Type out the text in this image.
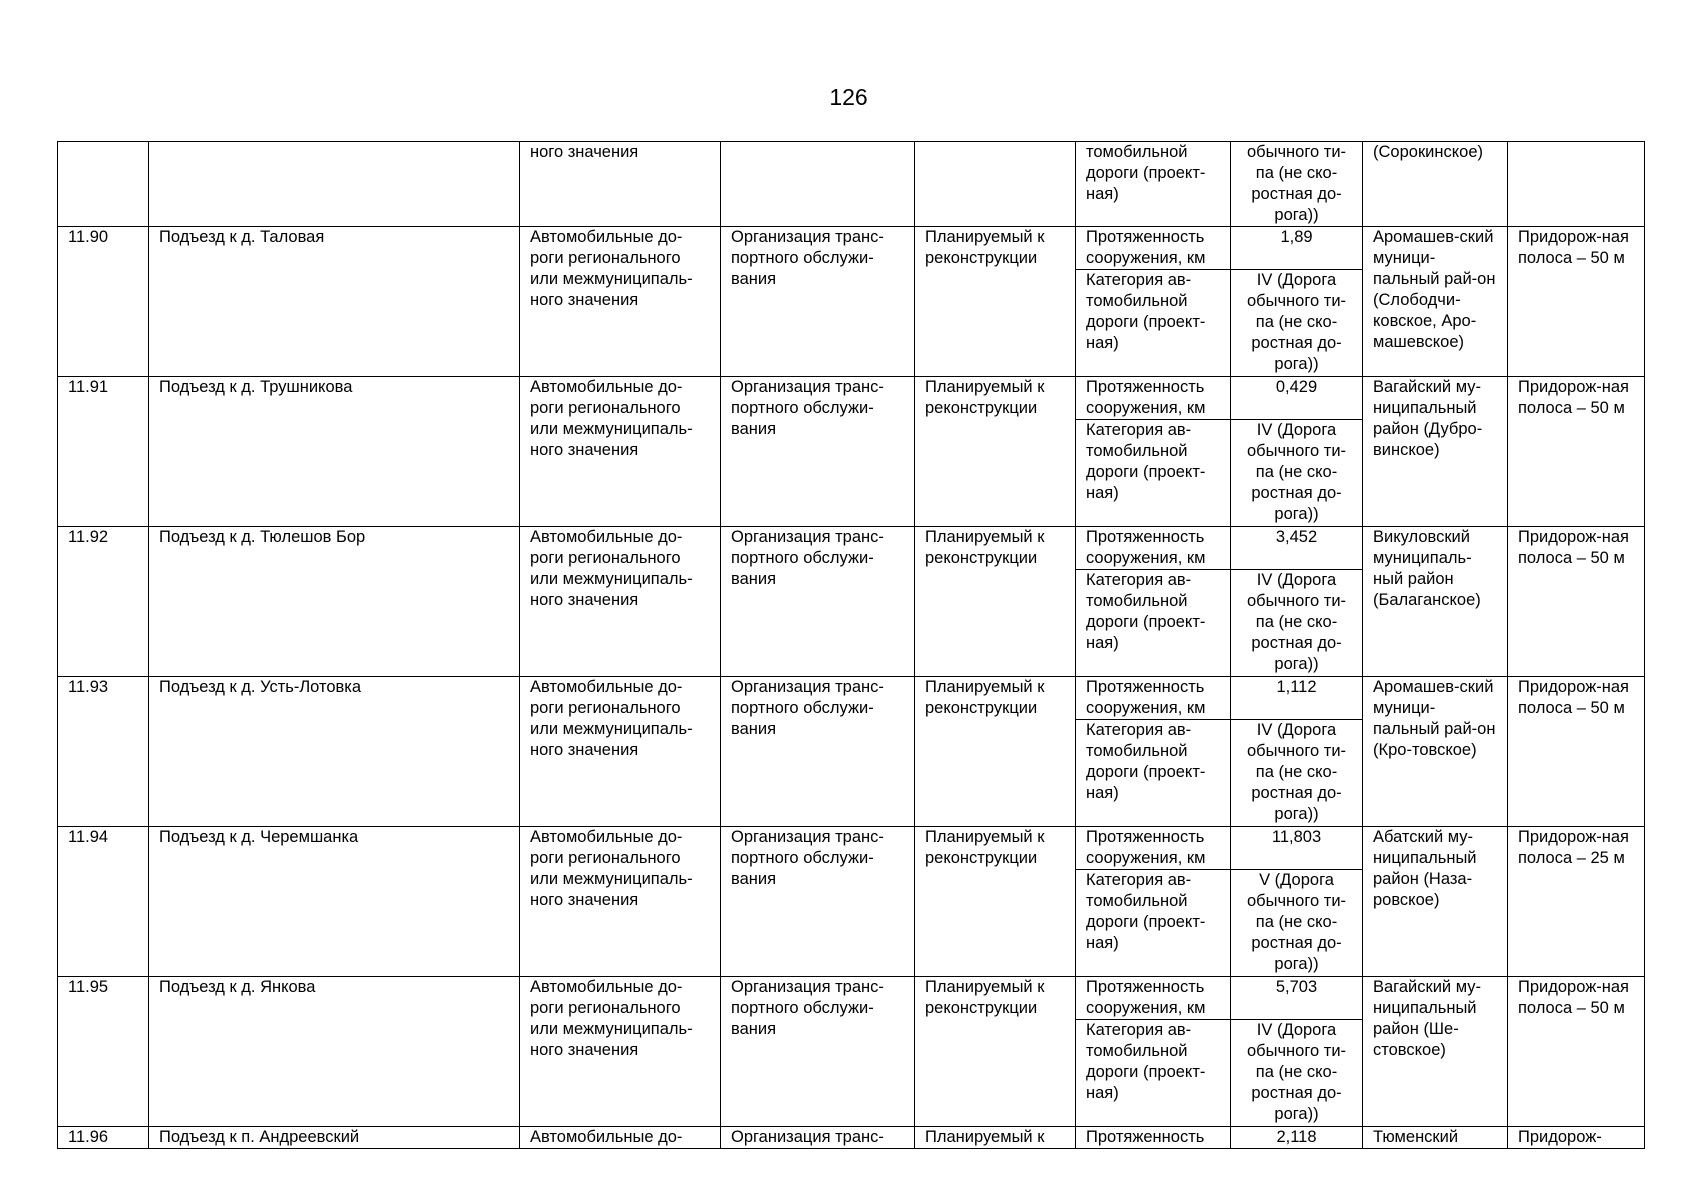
126
		ного значения			томобильной дороги (проект-ная)	обычного ти-па (не ско-ростная до-рога))	(Сорокинское)	
11.90	Подъезд к д. Таловая	Автомобильные до-роги регионального или межмуниципаль-ного значения	Организация транс-портного обслужи-вания	Планируемый к реконструкции	Протяженность сооружения, км	1,89	Аромашев-ский муници-пальный рай-он (Слободчи-ковское, Аро-машевское)	Придорож-ная полоса – 50 м
					Категория ав-томобильной дороги (проект-ная)	IV (Дорога обычного ти-па (не ско-ростная до-рога))		
11.91	Подъезд к д. Трушникова	Автомобильные до-роги регионального или межмуниципаль-ного значения	Организация транс-портного обслужи-вания	Планируемый к реконструкции	Протяженность сооружения, км	0,429	Вагайский му-ниципальный район (Дубро-винское)	Придорож-ная полоса – 50 м
					Категория ав-томобильной дороги (проект-ная)	IV (Дорога обычного ти-па (не ско-ростная до-рога))		
11.92	Подъезд к д. Тюлешов Бор	Автомобильные до-роги регионального или межмуниципаль-ного значения	Организация транс-портного обслужи-вания	Планируемый к реконструкции	Протяженность сооружения, км	3,452	Викуловский муниципаль-ный район (Балаганское)	Придорож-ная полоса – 50 м
					Категория ав-томобильной дороги (проект-ная)	IV (Дорога обычного ти-па (не ско-ростная до-рога))		
11.93	Подъезд к д. Усть-Лотовка	Автомобильные до-роги регионального или межмуниципаль-ного значения	Организация транс-портного обслужи-вания	Планируемый к реконструкции	Протяженность сооружения, км	1,112	Аромашев-ский муници-пальный рай-он (Кро-товское)	Придорож-ная полоса – 50 м
					Категория ав-томобильной дороги (проект-ная)	IV (Дорога обычного ти-па (не ско-ростная до-рога))		
11.94	Подъезд к д. Черемшанка	Автомобильные до-роги регионального или межмуниципаль-ного значения	Организация транс-портного обслужи-вания	Планируемый к реконструкции	Протяженность сооружения, км	11,803	Абатский му-ниципальный район (Наза-ровское)	Придорож-ная полоса – 25 м
					Категория ав-томобильной дороги (проект-ная)	V (Дорога обычного ти-па (не ско-ростная до-рога))		
11.95	Подъезд к д. Янкова	Автомобильные до-роги регионального или межмуниципаль-ного значения	Организация транс-портного обслужи-вания	Планируемый к реконструкции	Протяженность сооружения, км	5,703	Вагайский му-ниципальный район (Ше-стовское)	Придорож-ная полоса – 50 м
					Категория ав-томобильной дороги (проект-ная)	IV (Дорога обычного ти-па (не ско-ростная до-рога))		
11.96	Подъезд к п. Андреевский	Автомобильные до-	Организация транс-	Планируемый к	Протяженность	2,118	Тюменский	Придорож-
